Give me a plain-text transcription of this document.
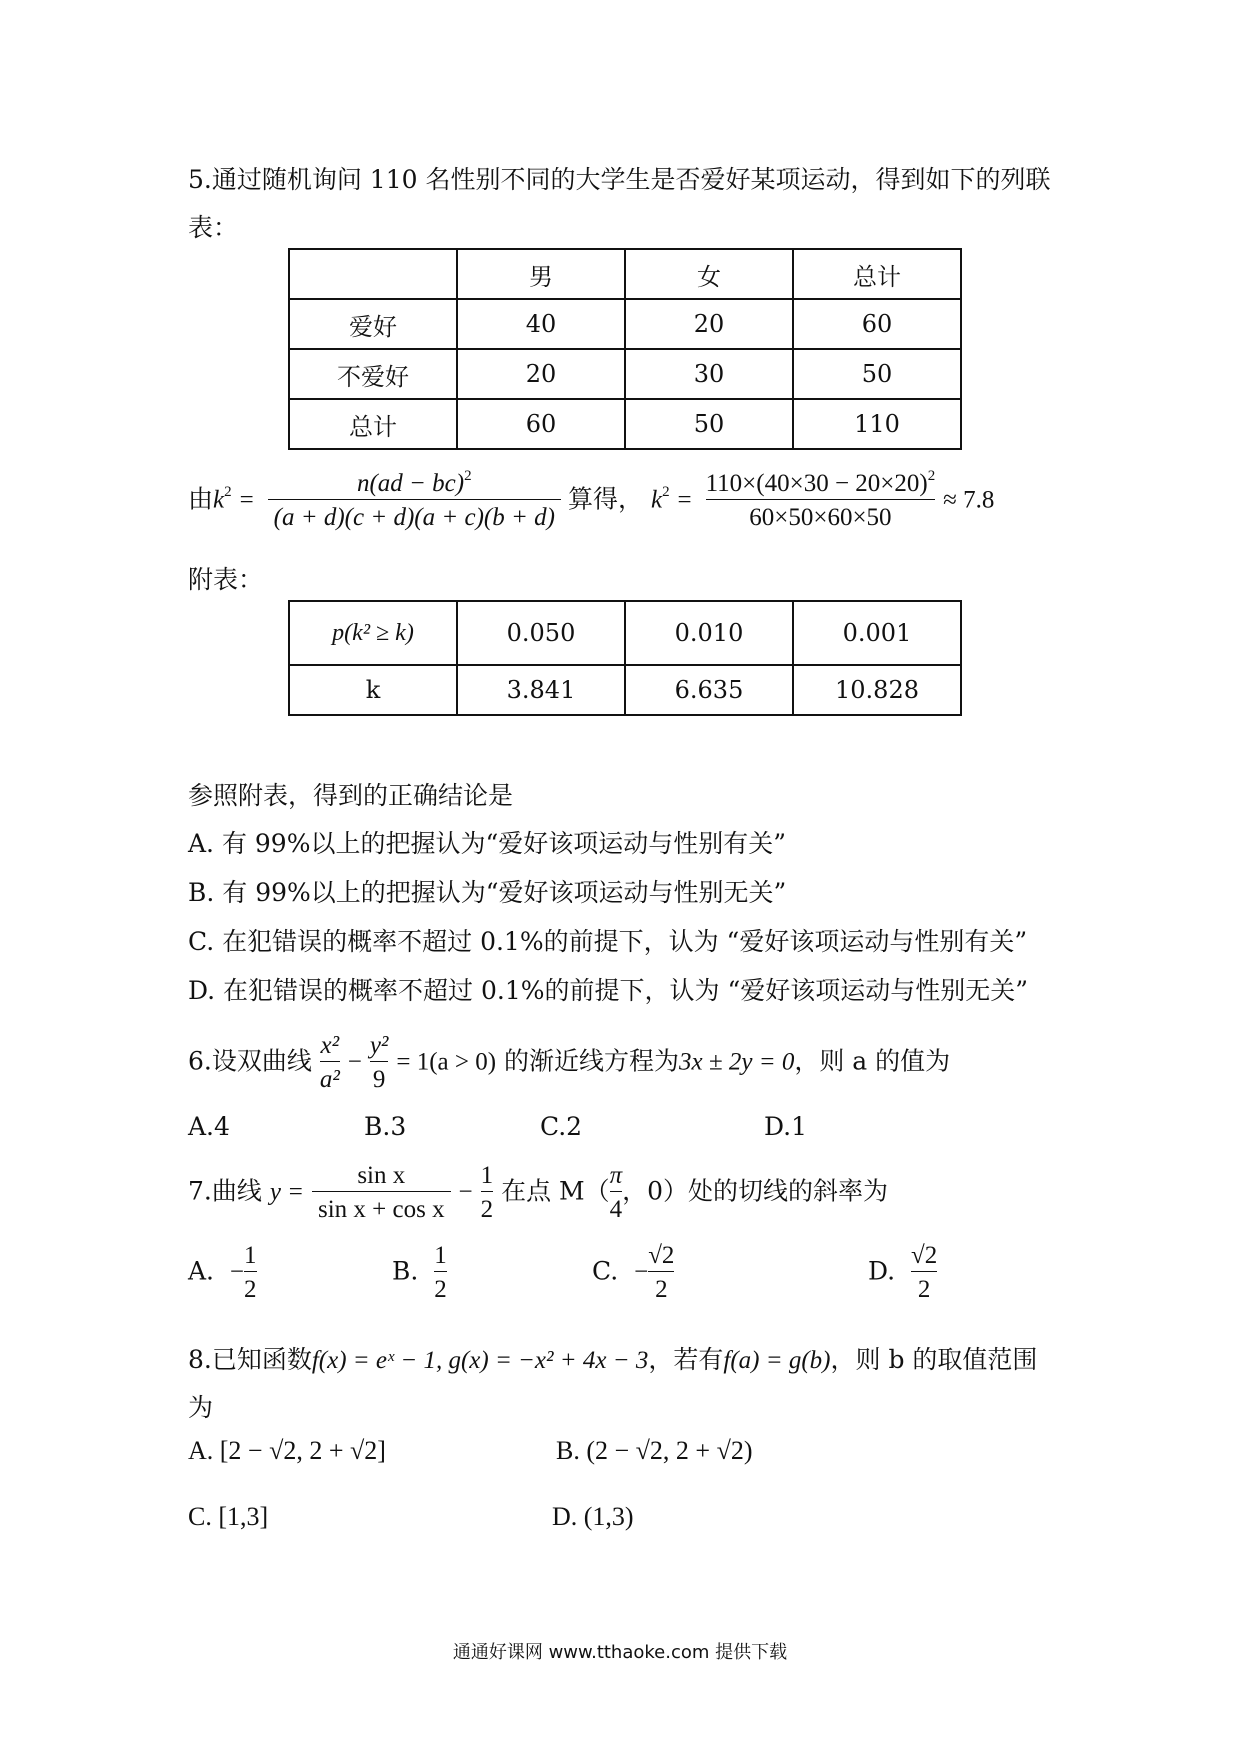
5.通过随机询问 110 名性别不同的大学生是否爱好某项运动，得到如下的列联
表：
	男	女	总计
爱好	40	20	60
不爱好	20	30	50
总计	60	50	110
由$k^2 = \frac{n(ad - bc)^2}{(a + d)(c + d)(a + c)(b + d)}$ 算得， $k^2 = \frac{110\times(40\times 30 - 20\times 20)^2}{60\times 50\times 60\times 50} \approx 7.8$
附表：
p(k² ≥ k)	0.050	0.010	0.001
k	3.841	6.635	10.828
参照附表，得到的正确结论是
A. 有 99%以上的把握认为“爱好该项运动与性别有关”
B. 有 99%以上的把握认为“爱好该项运动与性别无关”
C. 在犯错误的概率不超过 0.1%的前提下，认为 “爱好该项运动与性别有关”
D. 在犯错误的概率不超过 0.1%的前提下，认为 “爱好该项运动与性别无关”
6.设双曲线 $\frac{\text{x²}}{\text{a²}} - \frac{\text{y²}}{9} = 1(a > 0)$ 的渐近线方程为3x ± 2y = 0，则 a 的值为
A.4	B.3	C.2	D.1
7.曲线 $y = \frac{\text{sin x}}{\text{sin x + cos x}} - \frac{1}{2}$ 在点 $M( \frac{\pi}{4}$ ，0）处的切线的斜率为
A. − $\frac{1}{2}$	B. $\frac{1}{2}$	C. − $\frac{√2}{2}$	D. $\frac{√2}{2}$
8.已知函数f(x) = eˣ − 1, g(x) = −x² + 4x − 3，若有f(a) = g(b)，则 b 的取值范围
为
A. [2 − √2, 2 + √2]	B. (2 − √2, 2 + √2)
C. [1,3]	D. (1,3)
通通好课网 www.tthaoke.com 提供下载
